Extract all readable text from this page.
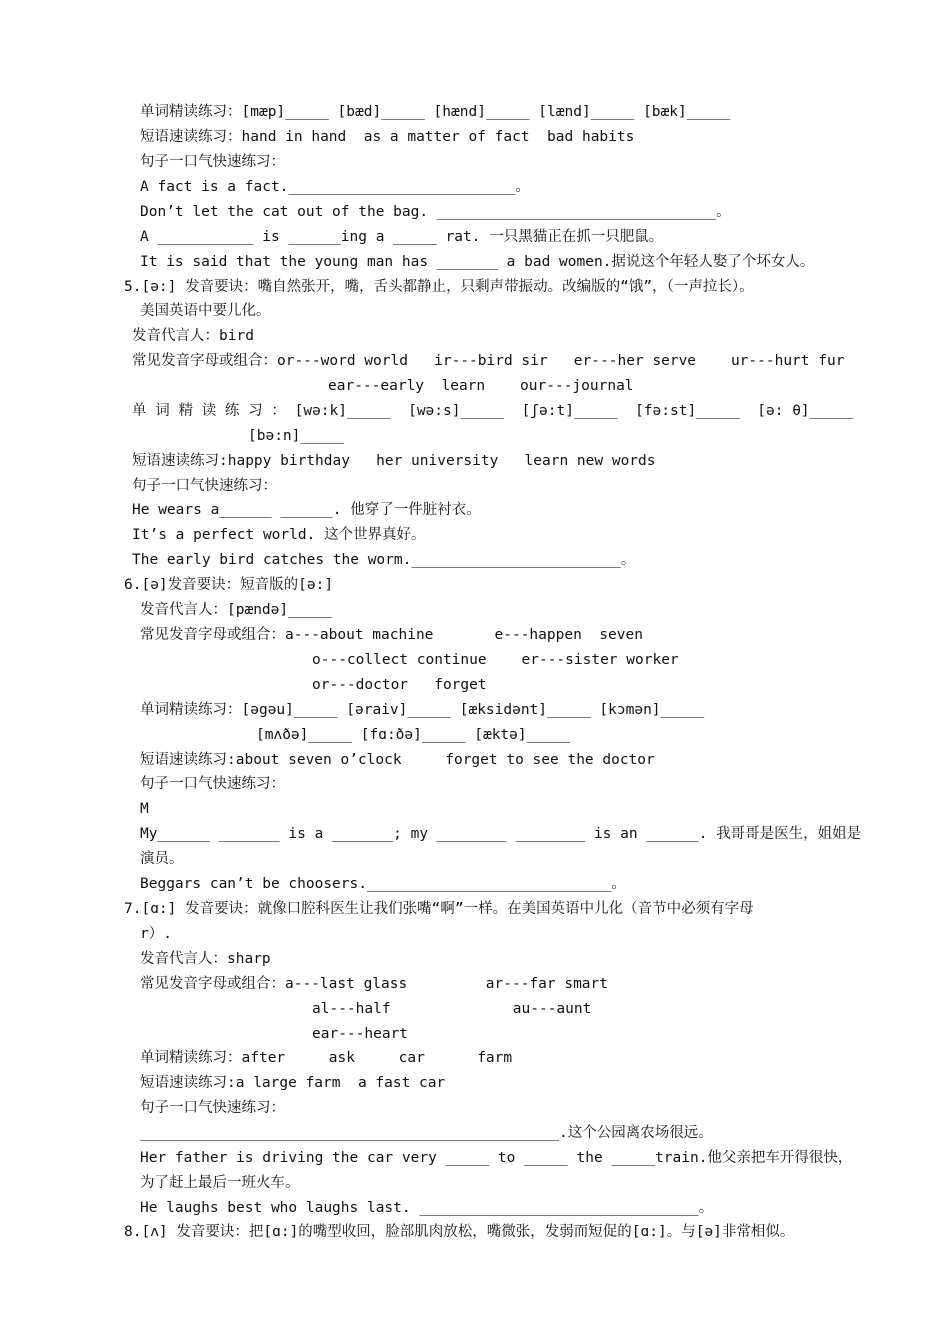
单词精读练习：[mæp]_____ [bæd]_____ [hænd]_____ [lænd]_____ [bæk]_____
短语速读练习：hand in hand  as a matter of fact  bad habits
句子一口气快速练习：
A fact is a fact.__________________________。
Don’t let the cat out of the bag. ________________________________。
A ___________ is ______ing a _____ rat. 一只黑猫正在抓一只肥鼠。
It is said that the young man has _______ a bad women.据说这个年轻人娶了个坏女人。
5.[ə:] 发音要诀：嘴自然张开，嘴，舌头都静止，只剩声带振动。改编版的“饿”，（一声拉长）。
美国英语中要儿化。
发音代言人：bird
常见发音字母或组合：or---word world   ir---bird sir   er---her serve    ur---hurt fur
ear---early  learn    our---journal
单 词 精 读 练 习 ： [wə:k]_____  [wə:s]_____  [ʃə:t]_____  [fə:st]_____  [ə: θ]_____
[bə:n]_____
短语速读练习:happy birthday   her university   learn new words
句子一口气快速练习：
He wears a______ ______. 他穿了一件脏衬衣。
It’s a perfect world. 这个世界真好。
The early bird catches the worm.________________________。
6.[ə]发音要诀：短音版的[ə:]
发音代言人：[pændə]_____
常见发音字母或组合：a---about machine       e---happen  seven
o---collect continue    er---sister worker
or---doctor   forget
单词精读练习：[əgəu]_____ [əraiv]_____ [æksidənt]_____ [kɔmən]_____
[mʌðə]_____ [fɑ:ðə]_____ [æktə]_____
短语速读练习:about seven o’clock     forget to see the doctor
句子一口气快速练习：
M
My______ _______ is a _______; my ________ ________ is an ______. 我哥哥是医生，姐姐是
演员。
Beggars can’t be choosers.____________________________。
7.[ɑ:] 发音要诀：就像口腔科医生让我们张嘴“啊”一样。在美国英语中儿化（音节中必须有字母
r）.
发音代言人：sharp
常见发音字母或组合：a---last glass         ar---far smart
al---half              au---aunt
ear---heart
单词精读练习：after     ask     car      farm
短语速读练习:a large farm  a fast car
句子一口气快速练习：
________________________________________________.这个公园离农场很远。
Her father is driving the car very _____ to _____ the _____train.他父亲把车开得很快，
为了赶上最后一班火车。
He laughs best who laughs last. ________________________________。
8.[ʌ] 发音要诀：把[ɑ:]的嘴型收回，脸部肌肉放松，嘴微张，发弱而短促的[ɑ:]。与[ə]非常相似。
